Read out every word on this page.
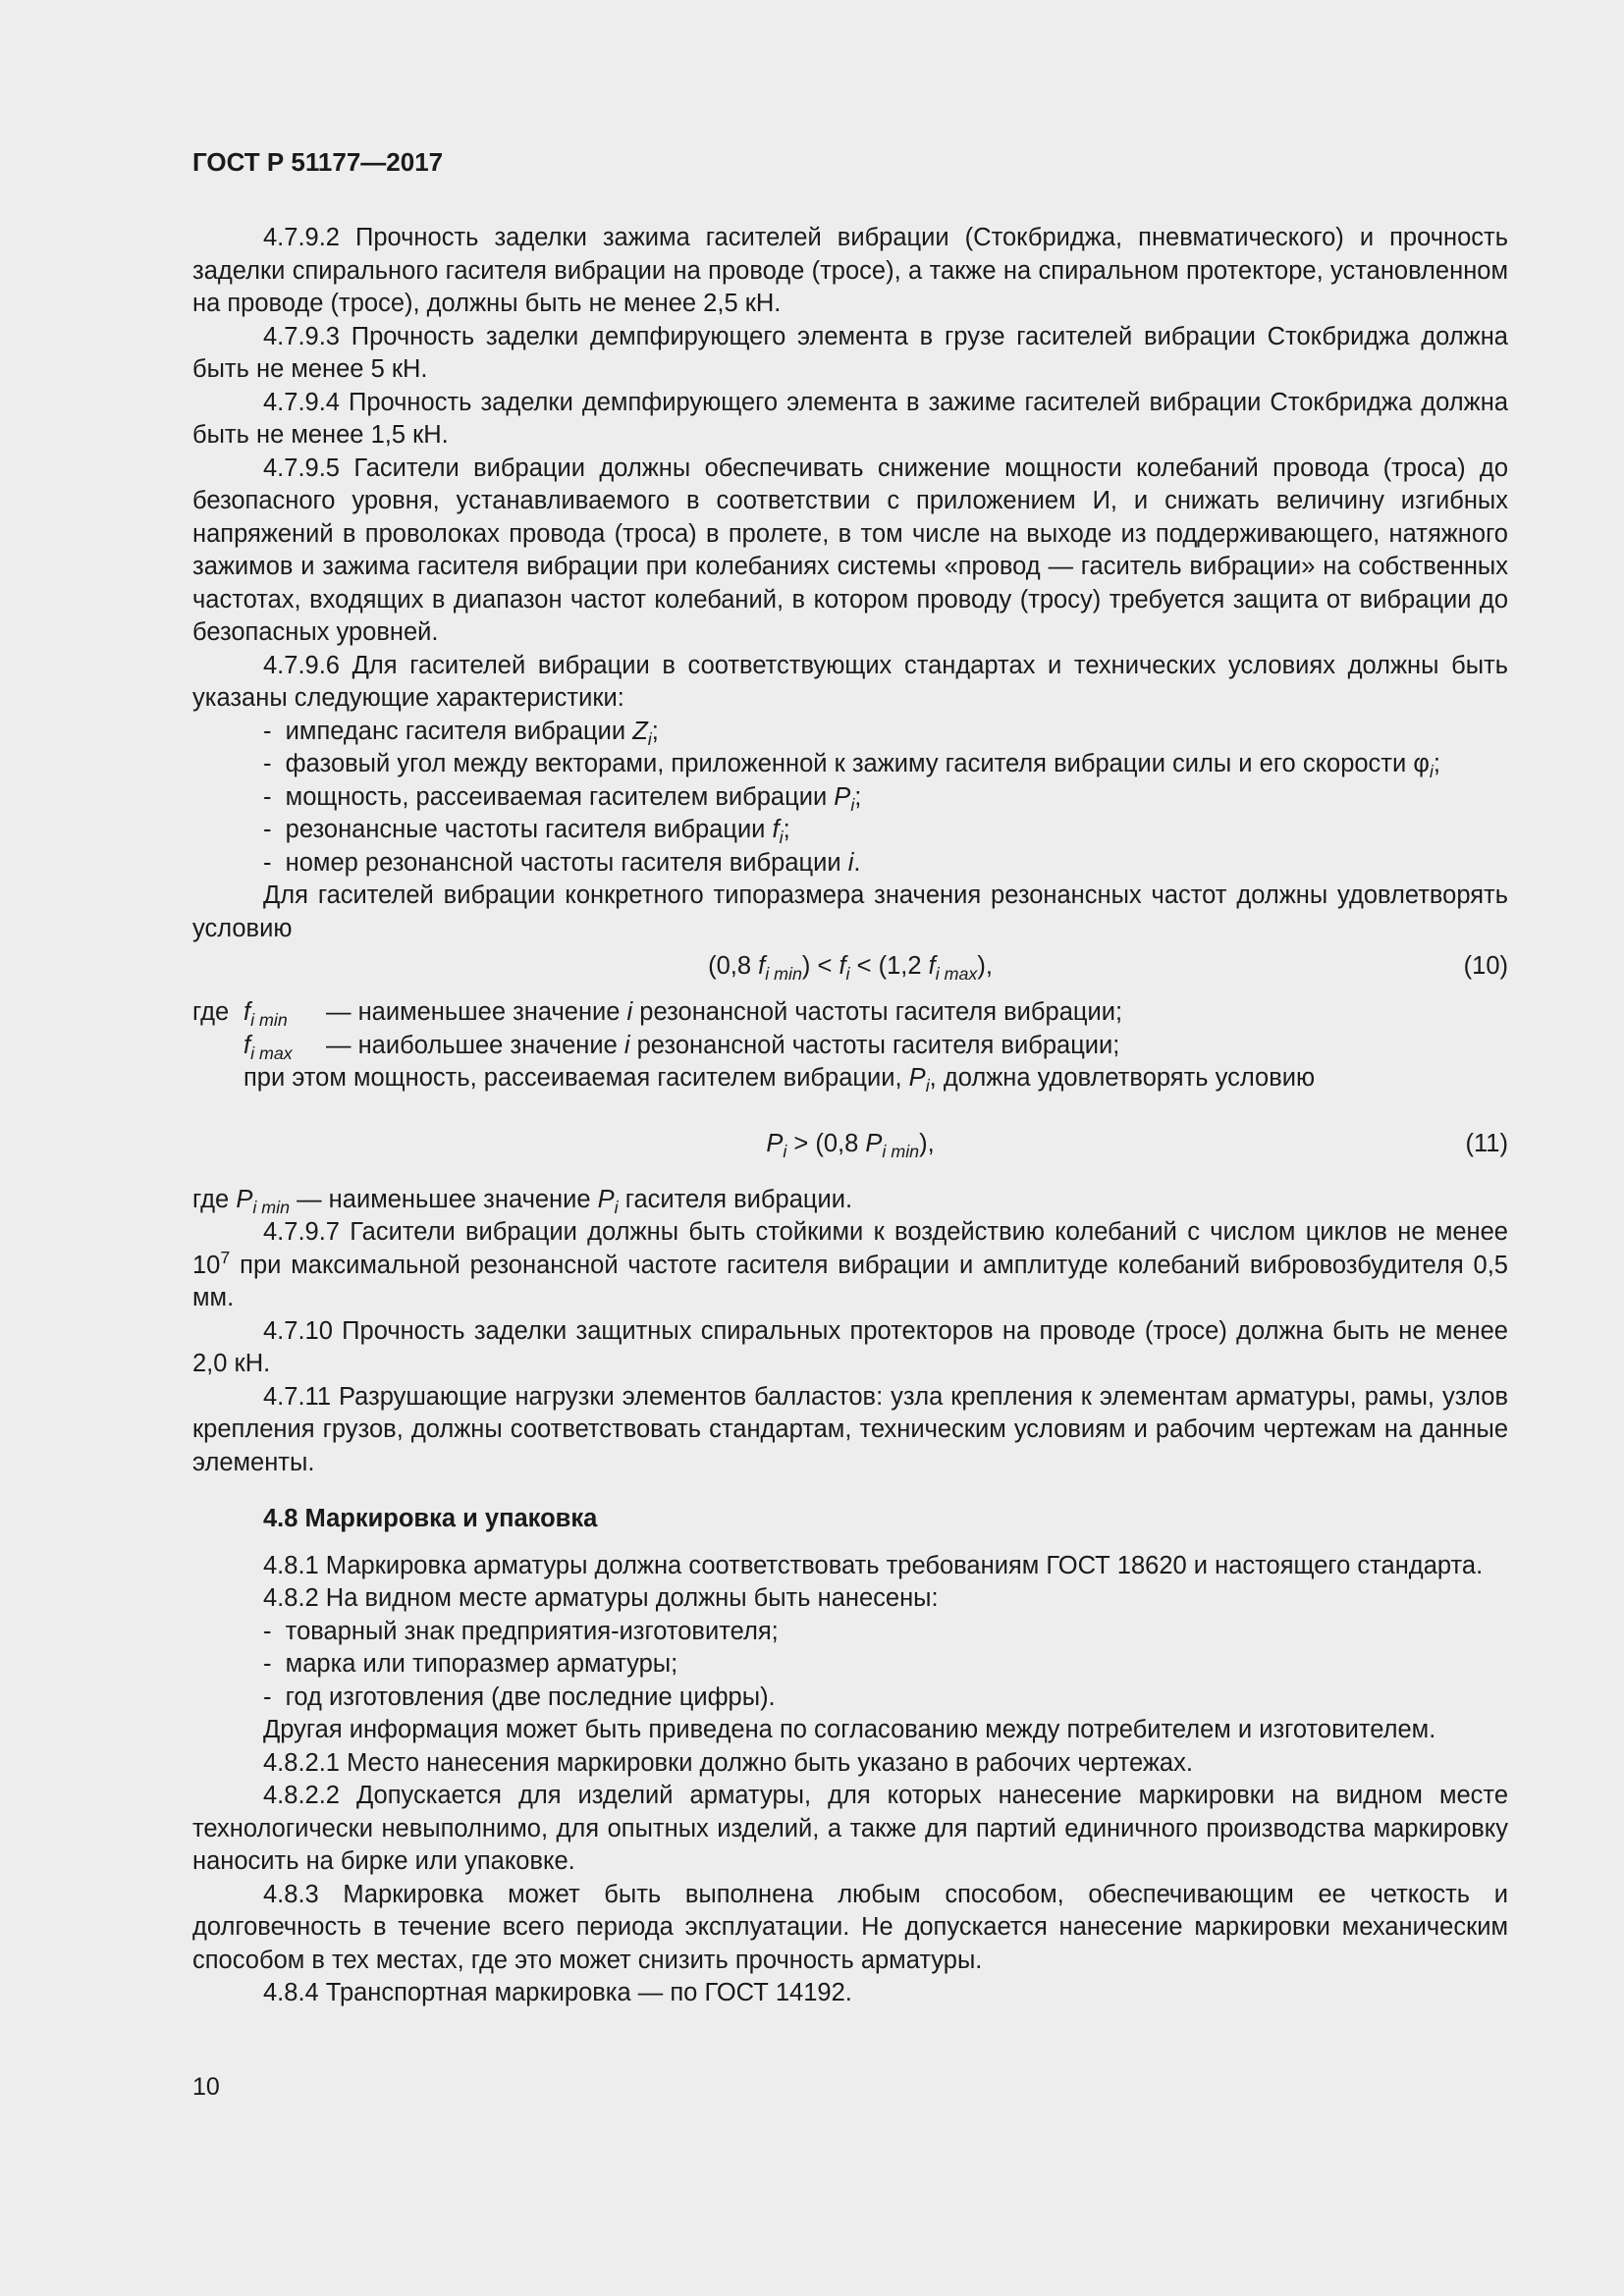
ГОСТ Р 51177—2017

4.7.9.2 Прочность заделки зажима гасителей вибрации (Стокбриджа, пневматического) и прочность заделки спирального гасителя вибрации на проводе (тросе), а также на спиральном протекторе, установленном на проводе (тросе), должны быть не менее 2,5 кН.

4.7.9.3 Прочность заделки демпфирующего элемента в грузе гасителей вибрации Стокбриджа должна быть не менее 5 кН.

4.7.9.4 Прочность заделки демпфирующего элемента в зажиме гасителей вибрации Стокбриджа должна быть не менее 1,5 кН.

4.7.9.5 Гасители вибрации должны обеспечивать снижение мощности колебаний провода (троса) до безопасного уровня, устанавливаемого в соответствии с приложением И, и снижать величину изгибных напряжений в проволоках провода (троса) в пролете, в том числе на выходе из поддерживающего, натяжного зажимов и зажима гасителя вибрации при колебаниях системы «провод — гаситель вибрации» на собственных частотах, входящих в диапазон частот колебаний, в котором проводу (тросу) требуется защита от вибрации до безопасных уровней.

4.7.9.6 Для гасителей вибрации в соответствующих стандартах и технических условиях должны быть указаны следующие характеристики:

- импеданс гасителя вибрации $Z_i$;

- фазовый угол между векторами, приложенной к зажиму гасителя вибрации силы и его скорости $\varphi_i$;

- мощность, рассеиваемая гасителем вибрации $P_i$;

- резонансные частоты гасителя вибрации $f_i$;

- номер резонансной частоты гасителя вибрации i.

Для гасителей вибрации конкретного типоразмера значения резонансных частот должны удовлетворять условию

(0,8 $f_{i min}) < f_i < (1,2$ $f_{i max}$),	(10)
где $f_{i min}$	— наименьшее значение i резонансной частоты гасителя вибрации;
$f_{i max}$	— наибольшее значение i резонансной частоты гасителя вибрации;

при этом мощность, рассеиваемая гасителем вибрации, $P_i$, должна удовлетворять условию

$P_i > (0,8$ $P_{i min}$),	(11)

где $P_{i min}$ — наименьшее значение $P_i$ гасителя вибрации.

4.7.9.7 Гасители вибрации должны быть стойкими к воздействию колебаний с числом циклов не менее $10^7$ при максимальной резонансной частоте гасителя вибрации и амплитуде колебаний вибровозбудителя 0,5 мм.

4.7.10 Прочность заделки защитных спиральных протекторов на проводе (тросе) должна быть не менее 2,0 кН.

4.7.11 Разрушающие нагрузки элементов балластов: узла крепления к элементам арматуры, рамы, узлов крепления грузов, должны соответствовать стандартам, техническим условиям и рабочим чертежам на данные элементы.

4.8 Маркировка и упаковка

4.8.1 Маркировка арматуры должна соответствовать требованиям ГОСТ 18620 и настоящего стандарта.

4.8.2 На видном месте арматуры должны быть нанесены:

- товарный знак предприятия-изготовителя;

- марка или типоразмер арматуры;

- год изготовления (две последние цифры).

Другая информация может быть приведена по согласованию между потребителем и изготовителем.

4.8.2.1 Место нанесения маркировки должно быть указано в рабочих чертежах.

4.8.2.2 Допускается для изделий арматуры, для которых нанесение маркировки на видном месте технологически невыполнимо, для опытных изделий, а также для партий единичного производства маркировку наносить на бирке или упаковке.

4.8.3 Маркировка может быть выполнена любым способом, обеспечивающим ее четкость и долговечность в течение всего периода эксплуатации. Не допускается нанесение маркировки механическим способом в тех местах, где это может снизить прочность арматуры.

4.8.4 Транспортная маркировка — по ГОСТ 14192.

10
